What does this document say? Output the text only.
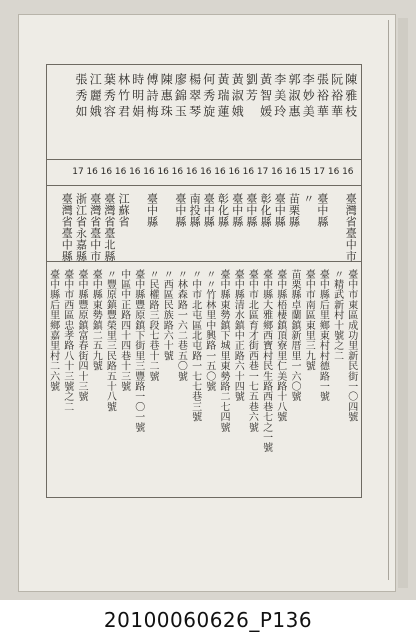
陳雅枝
阮裕華
張裕華
李妙美
郭淑惠
李美玲
黃智媛
劉芳
黃淑娥
黃瑞蓮
何秀旋
楊翠琴
廖錦玉
陳惠珠
傅詩梅
時明娟
林竹君
葉秀容
江麗娥
張秀如
16
16
17
15
16
16
17
16
16
16
16
16
16
16
16
16
16
16
16
17
臺灣省臺中市
臺中縣
〃
苗栗縣
臺中縣
彰化縣
臺中縣
臺中縣
彰化縣
臺中縣
南投縣
臺中縣
臺中縣
江蘇省
臺灣省臺北縣
臺灣省臺中市
浙江省永嘉縣
臺灣省臺中縣
臺中市東區成功里新民街一〇四號
〃精武新村十號之二
臺中縣后里鄉東村村德路一號
臺中市南區東里三九號
苗栗縣卓蘭鎮新厝里一六〇號
臺中縣梧棲鎮頂寮里仁美路十八號
臺中縣大雅鄉西寶村民生路西巷七之一號
臺中市北區育才街西巷一七五巷六號
臺中縣清水鎮中正路六十四號
臺中縣東勢鎮下城里東勢路二七四號
〃〃竹林里中興路一五〇號
〃中市北屯區北屯路一七七巷三號
〃林森路一六二巷五〇號
〃西區民族路六十號
〃民權路三段七巷十二號
臺中縣豐原鎮下街里三豐路一〇一號
中區中正路四十四巷十三號
〃豐原鎮豐榮里三民路五十八號
臺中縣東勢鎮二五九號
臺中縣豐原鎮富春街四十三號
臺中市西區忠孝路八十三號之二
臺中縣后里鄉嘉里村二六號
20100060626_P136
